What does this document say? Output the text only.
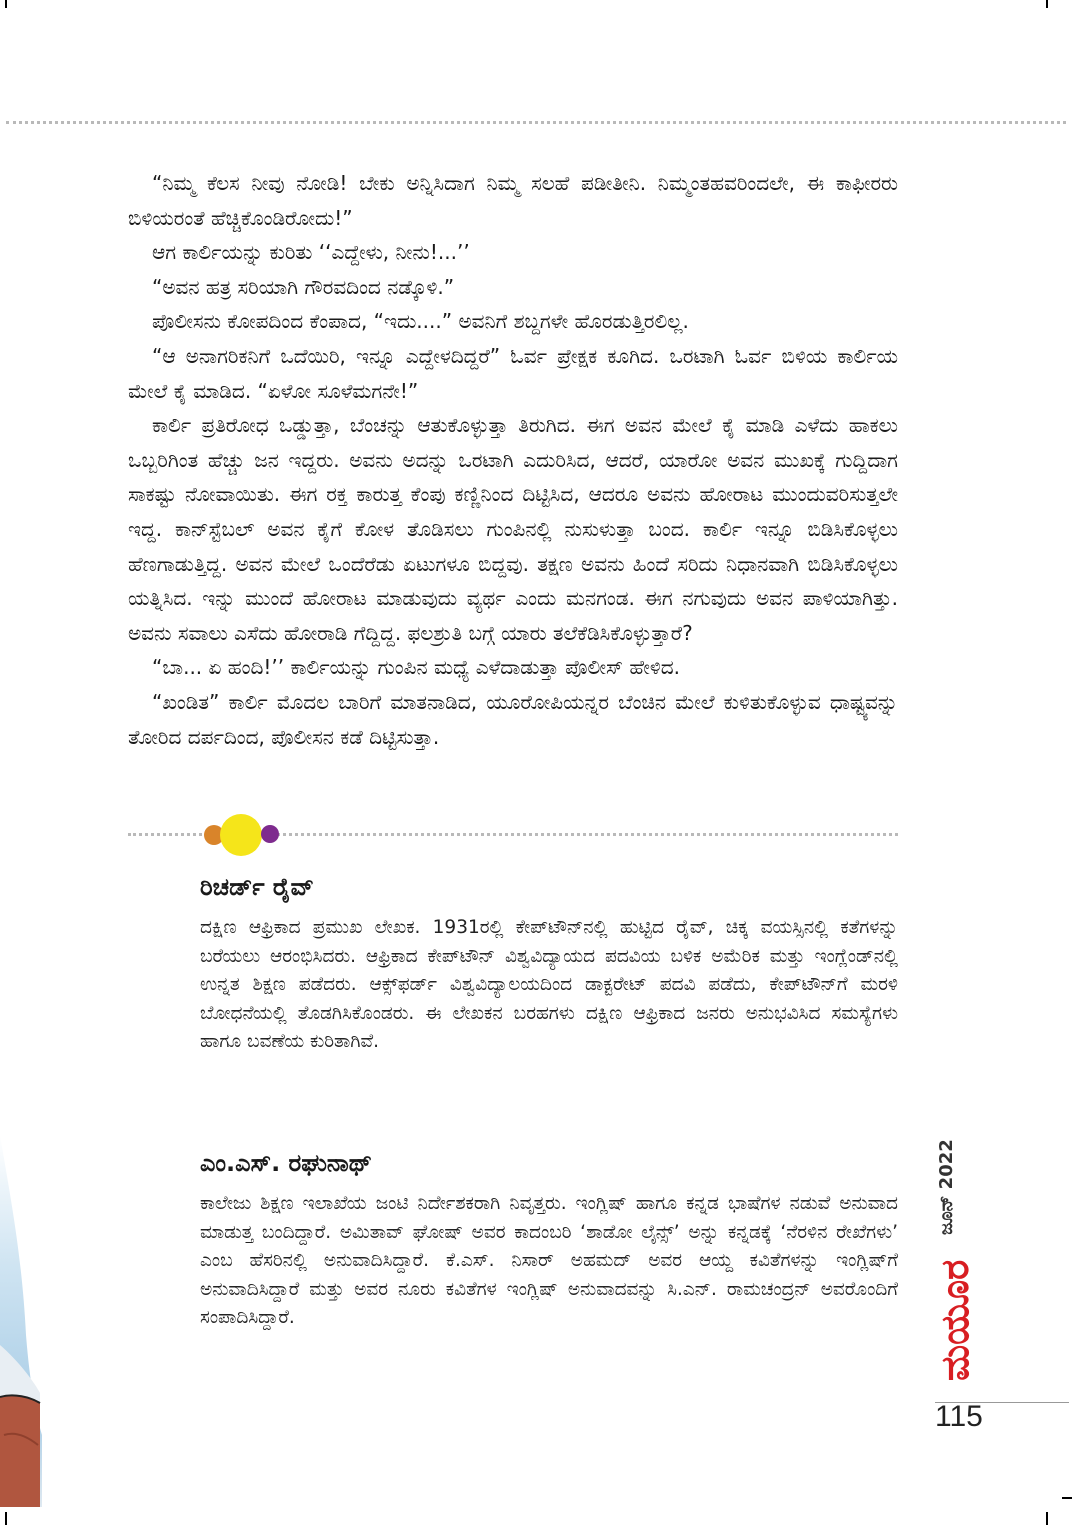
“ನಿಮ್ಮ ಕೆಲಸ ನೀವು ನೋಡಿ! ಬೇಕು ಅನ್ನಿಸಿದಾಗ ನಿಮ್ಮ ಸಲಹೆ ಪಡೀತೀನಿ. ನಿಮ್ಮಂತಹವರಿಂದಲೇ, ಈ ಕಾಫೀರರು ಬಿಳಿಯರಂತೆ ಹೆಚ್ಚಿಕೊಂಡಿರೋದು!”

ಆಗ ಕಾರ್ಲಿಯನ್ನು ಕುರಿತು ‘‘ಎದ್ದೇಳು, ನೀನು!...’’

“ಅವನ ಹತ್ರ ಸರಿಯಾಗಿ ಗೌರವದಿಂದ ನಡ್ಕೊಳಿ.”

ಪೊಲೀಸನು ಕೋಪದಿಂದ ಕೆಂಪಾದ, “ಇದು....” ಅವನಿಗೆ ಶಬ್ದಗಳೇ ಹೊರಡುತ್ತಿರಲಿಲ್ಲ.

“ಆ ಅನಾಗರಿಕನಿಗೆ ಒದೆಯಿರಿ, ಇನ್ನೂ ಎದ್ದೇಳದಿದ್ದರೆ” ಓರ್ವ ಪ್ರೇಕ್ಷಕ ಕೂಗಿದ. ಒರಟಾಗಿ ಓರ್ವ ಬಿಳಿಯ ಕಾರ್ಲಿಯ ಮೇಲೆ ಕೈ ಮಾಡಿದ. “ಏಳೋ ಸೂಳೆಮಗನೇ!”

ಕಾರ್ಲಿ ಪ್ರತಿರೋಧ ಒಡ್ಡುತ್ತಾ, ಬೆಂಚನ್ನು ಆತುಕೊಳ್ಳುತ್ತಾ ತಿರುಗಿದ. ಈಗ ಅವನ ಮೇಲೆ ಕೈ ಮಾಡಿ ಎಳೆದು ಹಾಕಲು ಒಬ್ಬರಿಗಿಂತ ಹೆಚ್ಚು ಜನ ಇದ್ದರು. ಅವನು ಅದನ್ನು ಒರಟಾಗಿ ಎದುರಿಸಿದ, ಆದರೆ, ಯಾರೋ ಅವನ ಮುಖಕ್ಕೆ ಗುದ್ದಿದಾಗ ಸಾಕಷ್ಟು ನೋವಾಯಿತು. ಈಗ ರಕ್ತ ಕಾರುತ್ತ ಕೆಂಪು ಕಣ್ಣಿನಿಂದ ದಿಟ್ಟಿಸಿದ, ಆದರೂ ಅವನು ಹೋರಾಟ ಮುಂದುವರಿಸುತ್ತಲೇ ಇದ್ದ. ಕಾನ್‌ಸ್ಟೆಬಲ್ ಅವನ ಕೈಗೆ ಕೋಳ ತೊಡಿಸಲು ಗುಂಪಿನಲ್ಲಿ ನುಸುಳುತ್ತಾ ಬಂದ. ಕಾರ್ಲಿ ಇನ್ನೂ ಬಿಡಿಸಿಕೊಳ್ಳಲು ಹೆಣಗಾಡುತ್ತಿದ್ದ. ಅವನ ಮೇಲೆ ಒಂದೆರೆಡು ಏಟುಗಳೂ ಬಿದ್ದವು. ತಕ್ಷಣ ಅವನು ಹಿಂದೆ ಸರಿದು ನಿಧಾನವಾಗಿ ಬಿಡಿಸಿಕೊಳ್ಳಲು ಯತ್ನಿಸಿದ. ಇನ್ನು ಮುಂದೆ ಹೋರಾಟ ಮಾಡುವುದು ವ್ಯರ್ಥ ಎಂದು ಮನಗಂಡ. ಈಗ ನಗುವುದು ಅವನ ಪಾಳಿಯಾಗಿತ್ತು. ಅವನು ಸವಾಲು ಎಸೆದು ಹೋರಾಡಿ ಗೆದ್ದಿದ್ದ. ಫಲಶ್ರುತಿ ಬಗ್ಗೆ ಯಾರು ತಲೆಕೆಡಿಸಿಕೊಳ್ಳುತ್ತಾರೆ?

“ಬಾ... ಏ ಹಂದಿ!’’ ಕಾರ್ಲಿಯನ್ನು ಗುಂಪಿನ ಮಧ್ಯೆ ಎಳೆದಾಡುತ್ತಾ ಪೊಲೀಸ್ ಹೇಳಿದ.

“ಖಂಡಿತ” ಕಾರ್ಲಿ ಮೊದಲ ಬಾರಿಗೆ ಮಾತನಾಡಿದ, ಯೂರೋಪಿಯನ್ನರ ಬೆಂಚಿನ ಮೇಲೆ ಕುಳಿತುಕೊಳ್ಳುವ ಧಾಷ್ಟ್ಯವನ್ನು ತೋರಿದ ದರ್ಪದಿಂದ, ಪೊಲೀಸನ ಕಡೆ ದಿಟ್ಟಿಸುತ್ತಾ.

ರಿಚರ್ಡ್ ರೈವ್

ದಕ್ಷಿಣ ಆಫ್ರಿಕಾದ ಪ್ರಮುಖ ಲೇಖಕ. 1931ರಲ್ಲಿ ಕೇಪ್‌ಟೌನ್‌ನಲ್ಲಿ ಹುಟ್ಟಿದ ರೈವ್, ಚಿಕ್ಕ ವಯಸ್ಸಿನಲ್ಲಿ ಕತೆಗಳನ್ನು ಬರೆಯಲು ಆರಂಭಿಸಿದರು. ಆಫ್ರಿಕಾದ ಕೇಪ್‌ಟೌನ್ ವಿಶ್ವವಿದ್ಯಾಯದ ಪದವಿಯ ಬಳಿಕ ಅಮೆರಿಕ ಮತ್ತು ಇಂಗ್ಲೆಂಡ್‌ನಲ್ಲಿ ಉನ್ನತ ಶಿಕ್ಷಣ ಪಡೆದರು. ಆಕ್ಸ್‌ಫರ್ಡ್ ವಿಶ್ವವಿದ್ಯಾಲಯದಿಂದ ಡಾಕ್ಟರೇಟ್ ಪದವಿ ಪಡೆದು, ಕೇಪ್‌ಟೌನ್‌ಗೆ ಮರಳಿ ಬೋಧನೆಯಲ್ಲಿ ತೊಡಗಿಸಿಕೊಂಡರು. ಈ ಲೇಖಕನ ಬರಹಗಳು ದಕ್ಷಿಣ ಆಫ್ರಿಕಾದ ಜನರು ಅನುಭವಿಸಿದ ಸಮಸ್ಯೆಗಳು ಹಾಗೂ ಬವಣೆಯ ಕುರಿತಾಗಿವೆ.

ಎಂ.ಎಸ್. ರಘುನಾಥ್

ಕಾಲೇಜು ಶಿಕ್ಷಣ ಇಲಾಖೆಯ ಜಂಟಿ ನಿರ್ದೇಶಕರಾಗಿ ನಿವೃತ್ತರು. ಇಂಗ್ಲಿಷ್ ಹಾಗೂ ಕನ್ನಡ ಭಾಷೆಗಳ ನಡುವೆ ಅನುವಾದ ಮಾಡುತ್ತ ಬಂದಿದ್ದಾರೆ. ಅಮಿತಾವ್ ಘೋಷ್ ಅವರ ಕಾದಂಬರಿ ‘ಶಾಡೋ ಲೈನ್ಸ್’ ಅನ್ನು ಕನ್ನಡಕ್ಕೆ ‘ನೆರಳಿನ ರೇಖೆಗಳು’ ಎಂಬ ಹೆಸರಿನಲ್ಲಿ ಅನುವಾದಿಸಿದ್ದಾರೆ. ಕೆ.ಎಸ್. ನಿಸಾರ್ ಅಹಮದ್ ಅವರ ಆಯ್ದ ಕವಿತೆಗಳನ್ನು ಇಂಗ್ಲಿಷ್‌ಗೆ ಅನುವಾದಿಸಿದ್ದಾರೆ ಮತ್ತು ಅವರ ನೂರು ಕವಿತೆಗಳ ಇಂಗ್ಲಿಷ್ ಅನುವಾದವನ್ನು ಸಿ.ಎನ್. ರಾಮಚಂದ್ರನ್ ಅವರೊಂದಿಗೆ ಸಂಪಾದಿಸಿದ್ದಾರೆ.

ಜೂನ್ 2022
ಮಯೂರ
115
